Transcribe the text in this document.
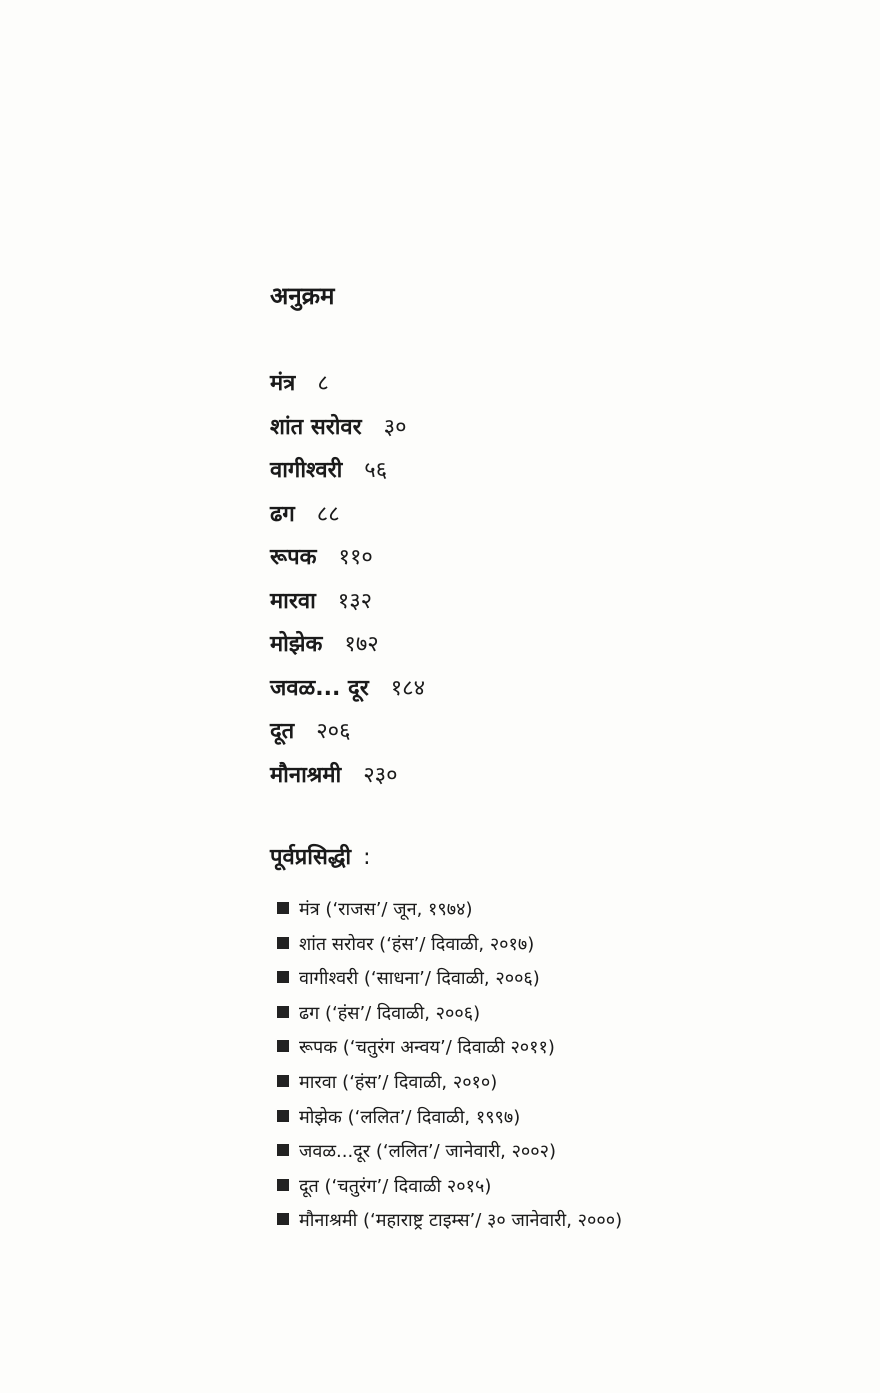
अनुक्रम
मंत्र ८
शांत सरोवर ३०
वागीश्वरी ५६
ढग ८८
रूपक ११०
मारवा १३२
मोझेक १७२
जवळ... दूर १८४
दूत २०६
मौनाश्रमी २३०
पूर्वप्रसिद्धी :
मंत्र (‘राजस’/ जून, १९७४)
शांत सरोवर (‘हंस’/ दिवाळी, २०१७)
वागीश्वरी (‘साधना’/ दिवाळी, २००६)
ढग (‘हंस’/ दिवाळी, २००६)
रूपक (‘चतुरंग अन्वय’/ दिवाळी २०११)
मारवा (‘हंस’/ दिवाळी, २०१०)
मोझेक (‘ललित’/ दिवाळी, १९९७)
जवळ...दूर (‘ललित’/ जानेवारी, २००२)
दूत (‘चतुरंग’/ दिवाळी २०१५)
मौनाश्रमी (‘महाराष्ट्र टाइम्स’/ ३० जानेवारी, २०००)
